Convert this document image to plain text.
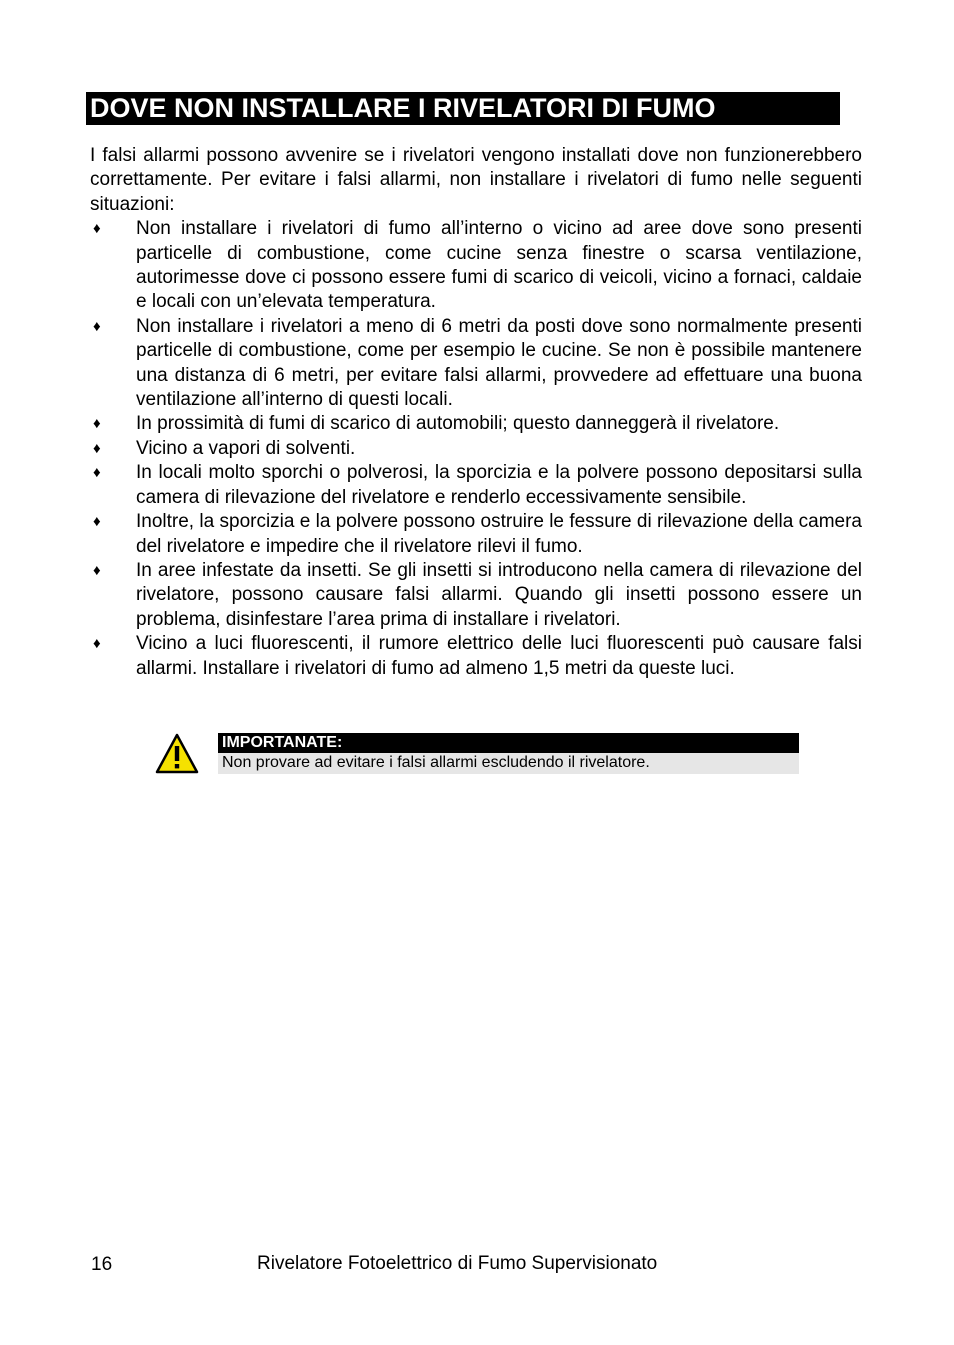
DOVE NON INSTALLARE I RIVELATORI DI FUMO

I falsi allarmi possono avvenire se i rivelatori vengono installati dove non funzionerebbero correttamente. Per evitare i falsi allarmi, non installare i rivelatori di fumo nelle seguenti situazioni:

♦ Non installare i rivelatori di fumo all’interno o vicino ad aree dove sono presenti particelle di combustione, come cucine senza finestre o scarsa ventilazione, autorimesse dove ci possono essere fumi di scarico di veicoli, vicino a fornaci, caldaie e locali con un’elevata temperatura.
♦ Non installare i rivelatori a meno di 6 metri da posti dove sono normalmente presenti particelle di combustione, come per esempio le cucine. Se non è possibile mantenere una distanza di 6 metri, per evitare falsi allarmi, provvedere ad effettuare una buona ventilazione all’interno di questi locali.
♦ In prossimità di fumi di scarico di automobili; questo danneggerà il rivelatore.
♦ Vicino a vapori di solventi.
♦ In locali molto sporchi o polverosi, la sporcizia e la polvere possono depositarsi sulla camera di rilevazione del rivelatore e renderlo eccessivamente sensibile.
♦ Inoltre, la sporcizia e la polvere possono ostruire le fessure di rilevazione della camera del rivelatore e impedire che il rivelatore rilevi il fumo.
♦ In aree infestate da insetti. Se gli insetti si introducono nella camera di rilevazione del rivelatore, possono causare falsi allarmi. Quando gli insetti possono essere un problema, disinfestare l’area prima di installare i rivelatori.
♦ Vicino a luci fluorescenti, il rumore elettrico delle luci fluorescenti può causare falsi allarmi. Installare i rivelatori di fumo ad almeno 1,5 metri da queste luci.
IMPORTANATE:
Non provare ad evitare i falsi allarmi escludendo il rivelatore.
16	Rivelatore Fotoelettrico di Fumo Supervisionato
